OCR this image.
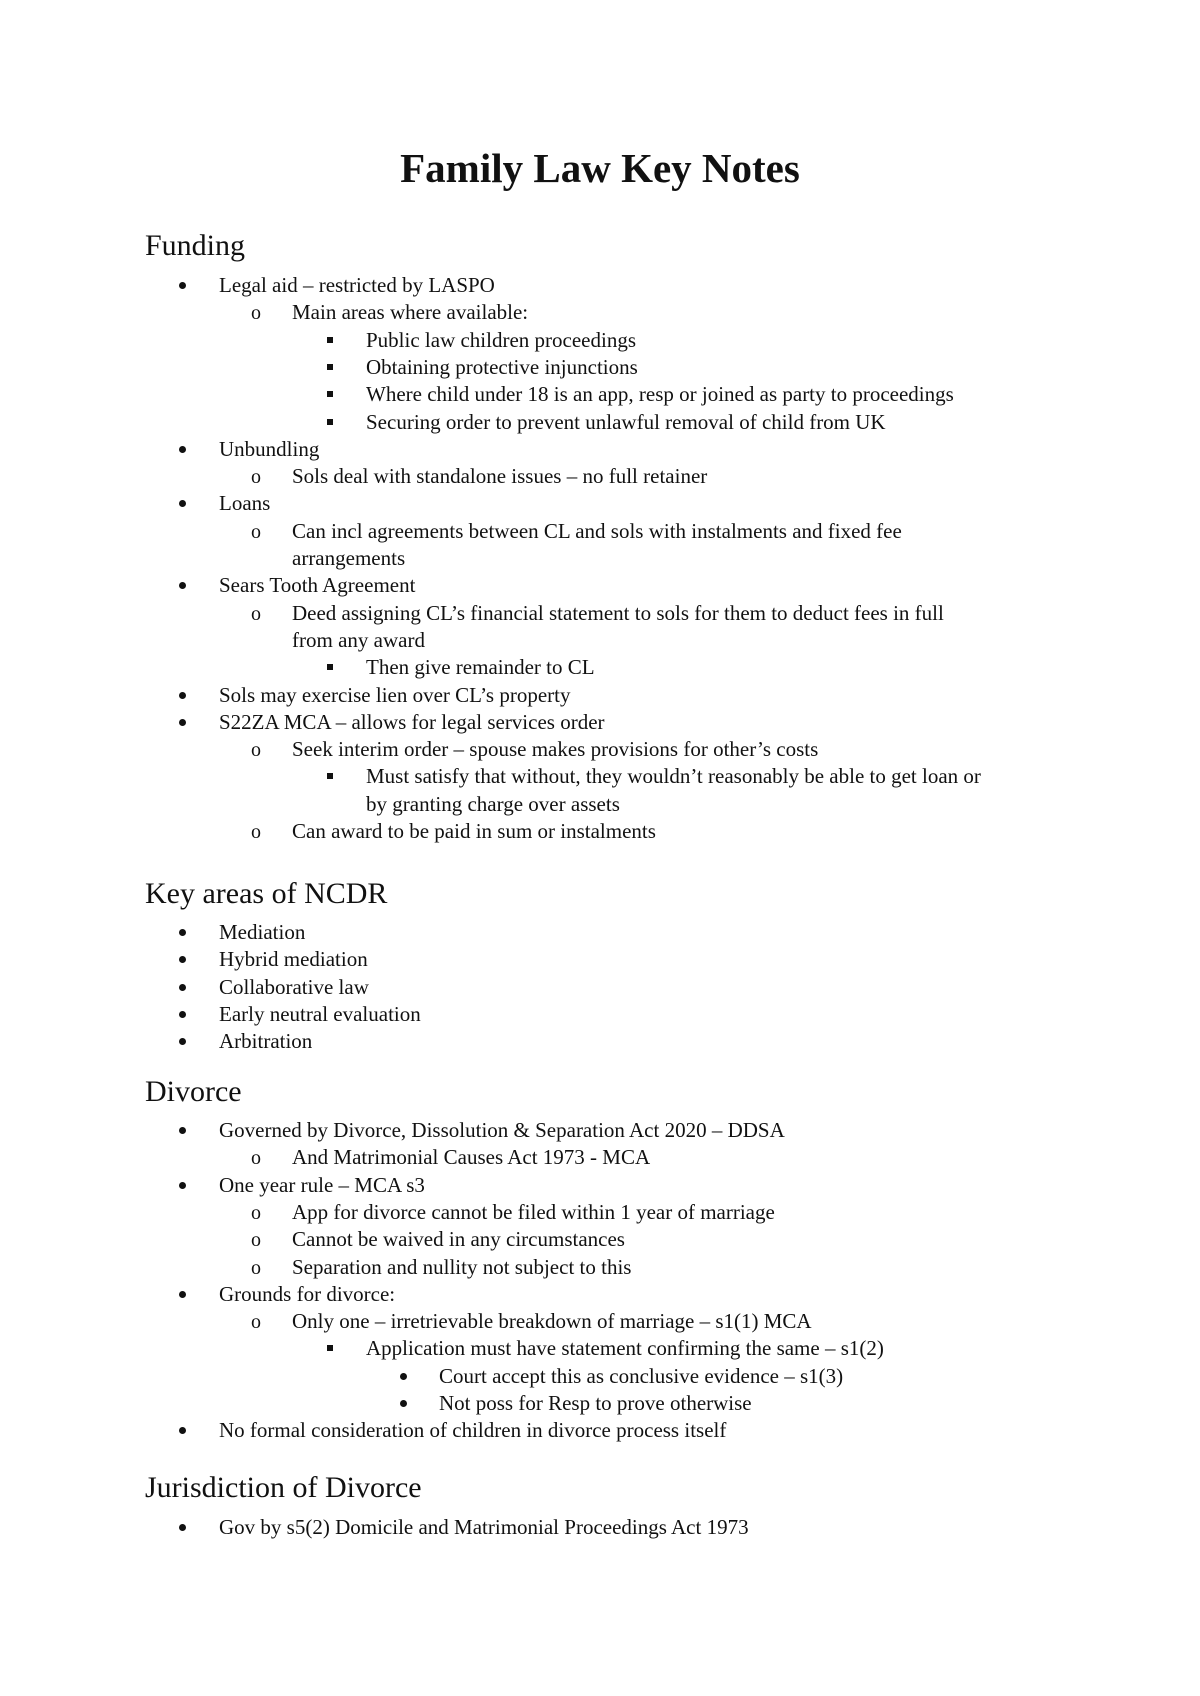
Family Law Key Notes
Funding
Legal aid – restricted by LASPO
o
Main areas where available:
Public law children proceedings
Obtaining protective injunctions
Where child under 18 is an app, resp or joined as party to proceedings
Securing order to prevent unlawful removal of child from UK
Unbundling
o
Sols deal with standalone issues – no full retainer
Loans
o
Can incl agreements between CL and sols with instalments and fixed fee
arrangements
Sears Tooth Agreement
o
Deed assigning CL’s financial statement to sols for them to deduct fees in full
from any award
Then give remainder to CL
Sols may exercise lien over CL’s property
S22ZA MCA – allows for legal services order
o
Seek interim order – spouse makes provisions for other’s costs
Must satisfy that without, they wouldn’t reasonably be able to get loan or
by granting charge over assets
o
Can award to be paid in sum or instalments
Key areas of NCDR
Mediation
Hybrid mediation
Collaborative law
Early neutral evaluation
Arbitration
Divorce
Governed by Divorce, Dissolution & Separation Act 2020 – DDSA
o
And Matrimonial Causes Act 1973 - MCA
One year rule – MCA s3
o
App for divorce cannot be filed within 1 year of marriage
o
Cannot be waived in any circumstances
o
Separation and nullity not subject to this
Grounds for divorce:
o
Only one – irretrievable breakdown of marriage – s1(1) MCA
Application must have statement confirming the same – s1(2)
Court accept this as conclusive evidence – s1(3)
Not poss for Resp to prove otherwise
No formal consideration of children in divorce process itself
Jurisdiction of Divorce
Gov by s5(2) Domicile and Matrimonial Proceedings Act 1973
